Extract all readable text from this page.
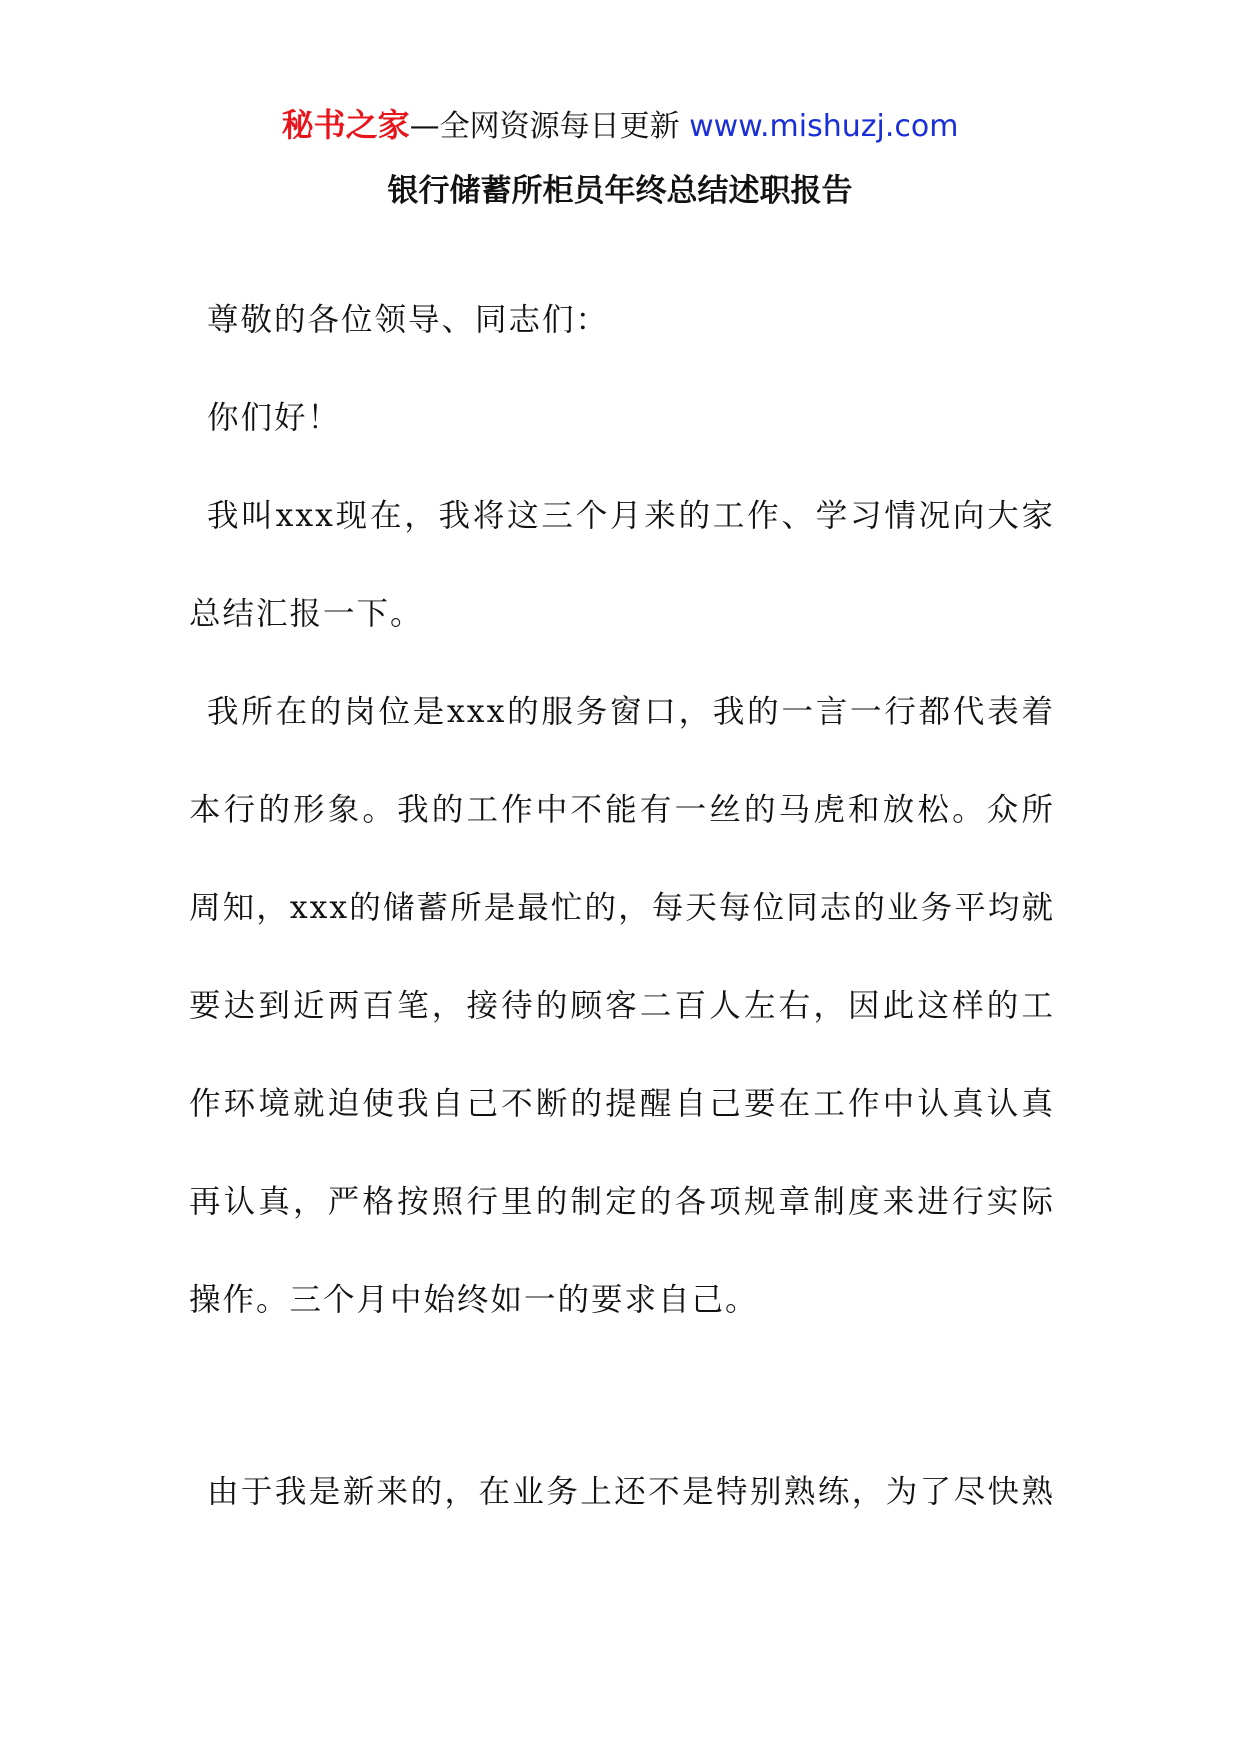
秘书之家—全网资源每日更新 www.mishuzj.com
银行储蓄所柜员年终总结述职报告
尊敬的各位领导、同志们：
你们好！
我叫xxx现在，我将这三个月来的工作、学习情况向大家
总结汇报一下。
我所在的岗位是xxx的服务窗口，我的一言一行都代表着
本行的形象。我的工作中不能有一丝的马虎和放松。众所
周知，xxx的储蓄所是最忙的，每天每位同志的业务平均就
要达到近两百笔，接待的顾客二百人左右，因此这样的工
作环境就迫使我自己不断的提醒自己要在工作中认真认真
再认真，严格按照行里的制定的各项规章制度来进行实际
操作。三个月中始终如一的要求自己。
由于我是新来的，在业务上还不是特别熟练，为了尽快熟
